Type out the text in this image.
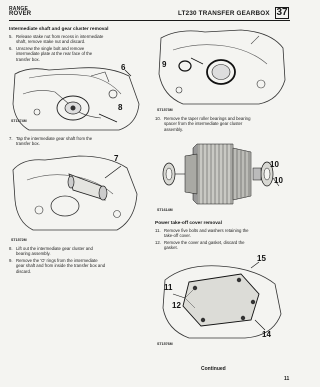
RANGE
ROVER	LT230 TRANSFER GEARBOX 37
Intermediate shaft and gear cluster removal
5. Release stake nut from recess in intermediate
shaft, remove stake nut and discard.
6. Unscrew the single bolt and remove
intermediate plate at the rear face of the
transfer box.
6
8
ST1574M
7. Tap the intermediate gear shaft from the
transfer box.
7
ST1572M
8. Lift out the intermediate gear cluster and
bearing assembly.
9. Remove the 'O' rings from the intermediate
gear shaft and from inside the transfer box and
discard.
9
ST1573M
10. Remove the taper roller bearings and bearing
spacer from the intermediate gear cluster
assembly.
10
10
ST1614M
Power take-off cover removal
11. Remove five bolts and washers retaining the
take-off cover.
12. Remove the cover and gasket, discard the
gasket.
15
11
12
14
ST1576M
Continued
11
